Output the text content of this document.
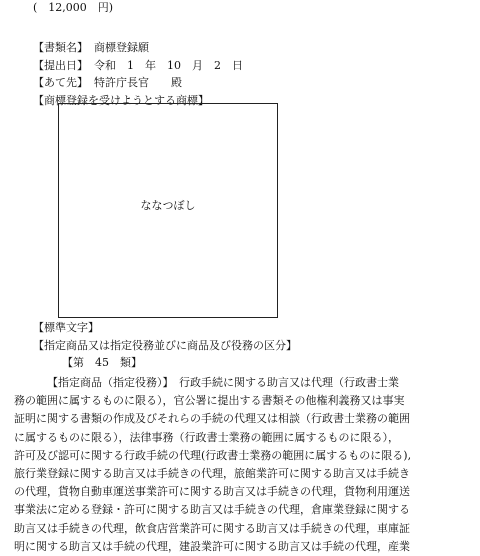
(　12,000　円)
【書類名】 商標登録願
【提出日】 令和　1　年　10　月　2　日
【あて先】 特許庁長官　　殿
【商標登録を受けようとする商標】
ななつぼし
【標準文字】
【指定商品又は指定役務並びに商品及び役務の区分】
【第　45　類】
【指定商品（指定役務）】　行政手続に関する助言又は代理（行政書士業
務の範囲に属するものに限る），官公署に提出する書類その他権利義務又は事実
証明に関する書類の作成及びそれらの手続の代理又は相談（行政書士業務の範囲
に属するものに限る），法律事務（行政書士業務の範囲に属するものに限る），
許可及び認可に関する行政手続の代理(行政書士業務の範囲に属するものに限る),
旅行業登録に関する助言又は手続きの代理，旅館業許可に関する助言又は手続き
の代理，貨物自動車運送事業許可に関する助言又は手続きの代理，貨物利用運送
事業法に定める登録・許可に関する助言又は手続きの代理，倉庫業登録に関する
助言又は手続きの代理，飲食店営業許可に関する助言又は手続きの代理，車庫証
明に関する助言又は手続の代理，建設業許可に関する助言又は手続の代理，産業
